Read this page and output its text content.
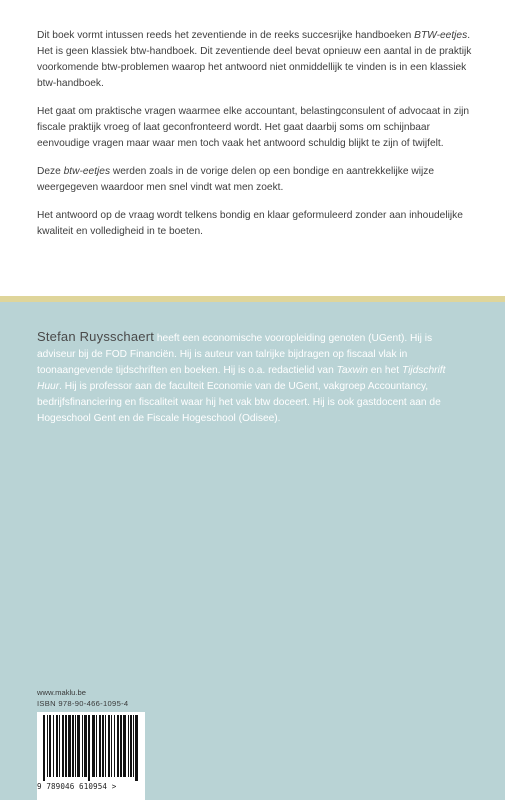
Dit boek vormt intussen reeds het zeventiende in de reeks succesrijke handboeken BTW-eetjes. Het is geen klassiek btw-handboek. Dit zeventiende deel bevat opnieuw een aantal in de praktijk voorkomende btw-problemen waarop het antwoord niet onmiddellijk te vinden is in een klassiek btw-handboek.

Het gaat om praktische vragen waarmee elke accountant, belastingconsulent of advocaat in zijn fiscale praktijk vroeg of laat geconfronteerd wordt. Het gaat daarbij soms om schijnbaar eenvoudige vragen maar waar men toch vaak het antwoord schuldig blijkt te zijn of twijfelt.

Deze btw-eetjes werden zoals in de vorige delen op een bondige en aantrekkelijke wijze weergegeven waardoor men snel vindt wat men zoekt.

Het antwoord op de vraag wordt telkens bondig en klaar geformuleerd zonder aan inhoudelijke kwaliteit en volledigheid in te boeten.

Stefan Ruysschaert heeft een economische vooropleiding genoten (UGent). Hij is adviseur bij de FOD Financiën. Hij is auteur van talrijke bijdragen op fiscaal vlak in toonaangevende tijdschriften en boeken. Hij is o.a. redactielid van Taxwin en het Tijdschrift Huur. Hij is professor aan de faculteit Economie van de UGent, vakgroep Accountancy, bedrijfsfinanciering en fiscaliteit waar hij het vak btw doceert. Hij is ook gastdocent aan de Hogeschool Gent en de Fiscale Hogeschool (Odisee).
www.maklu.be
ISBN 978-90-466-1095-4
9 789046 610954 >
